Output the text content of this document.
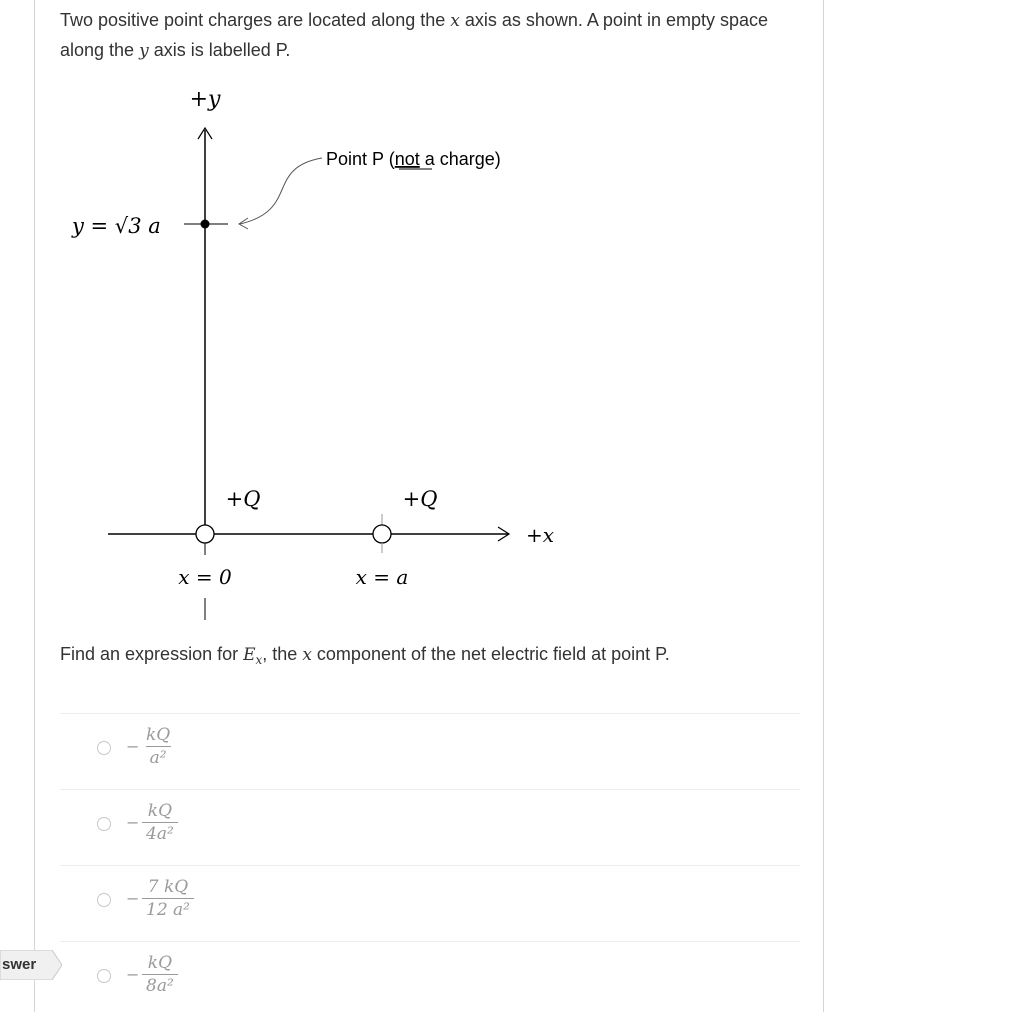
Two positive point charges are located along the x axis as shown. A point in empty space along the y axis is labelled P.
+y
+x
y = √3 a
Point P (not a charge)
+Q
x = 0
+Q
x = a
Find an expression for $E_x$, the x component of the net electric field at point P.
− $\frac{kQ}{\text{a²}}$
− $\frac{kQ}{\text{4a²}}$
− $\frac{7 kQ}{\text{12 a²}}$
− $\frac{kQ}{\text{8a²}}$
swer
